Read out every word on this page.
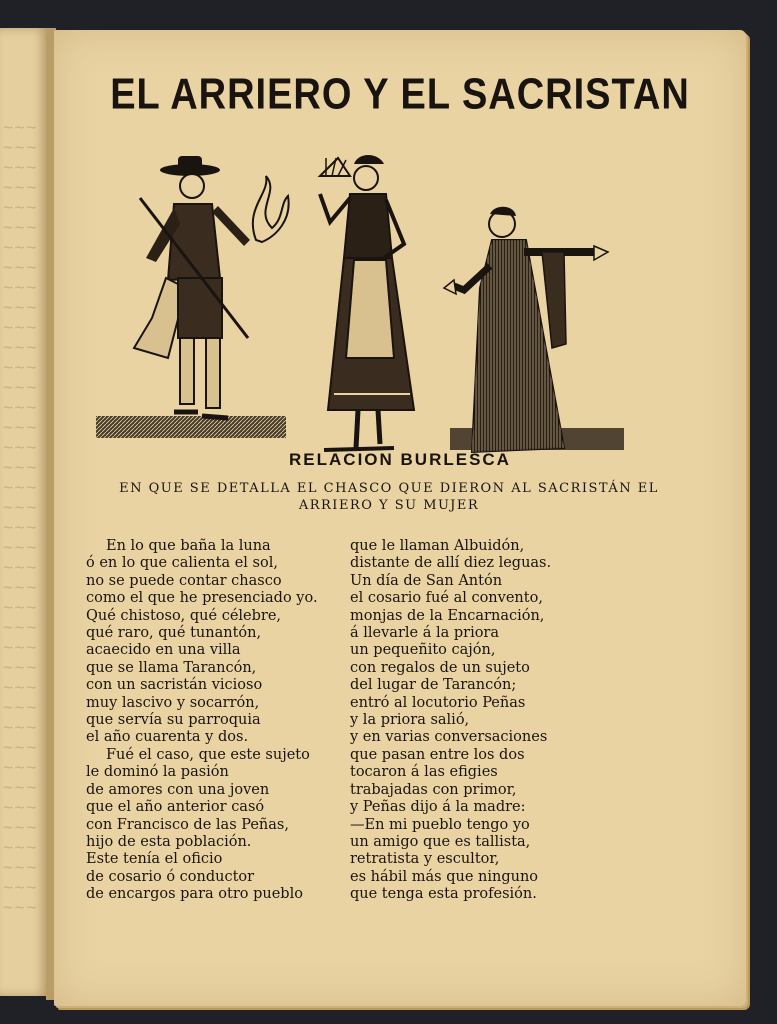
~~~
~~~
~~~
~~~
~~~
~~~
~~~
~~~
~~~
~~~
~~~
~~~
~~~
~~~
~~~
~~~
~~~
~~~
~~~
~~~
~~~
~~~
~~~
~~~
~~~
~~~
~~~
~~~
~~~
~~~
~~~
~~~
~~~
~~~
~~~
~~~
~~~
~~~
~~~
~~~
EL ARRIERO Y EL SACRISTAN
RELACION BURLESCA

EN QUE SE DETALLA EL CHASCO QUE DIERON AL SACRISTÁN EL ARRIERO Y SU MUJER

En lo que baña la luna
ó en lo que calienta el sol,
no se puede contar chasco
como el que he presenciado yo.
Qué chistoso, qué célebre,
qué raro, qué tunantón,
acaecido en una villa
que se llama Tarancón,
con un sacristán vicioso
muy lascivo y socarrón,
que servía su parroquia
el año cuarenta y dos.
Fué el caso, que este sujeto
le dominó la pasión
de amores con una joven
que el año anterior casó
con Francisco de las Peñas,
hijo de esta población.
Este tenía el oficio
de cosario ó conductor
de encargos para otro pueblo
que le llaman Albuidón,
distante de allí diez leguas.
Un día de San Antón
el cosario fué al convento,
monjas de la Encarnación,
á llevarle á la priora
un pequeñito cajón,
con regalos de un sujeto
del lugar de Tarancón;
entró al locutorio Peñas
y la priora salió,
y en varias conversaciones
que pasan entre los dos
tocaron á las efigies
trabajadas con primor,
y Peñas dijo á la madre:
—En mi pueblo tengo yo
un amigo que es tallista,
retratista y escultor,
es hábil más que ninguno
que tenga esta profesión.
